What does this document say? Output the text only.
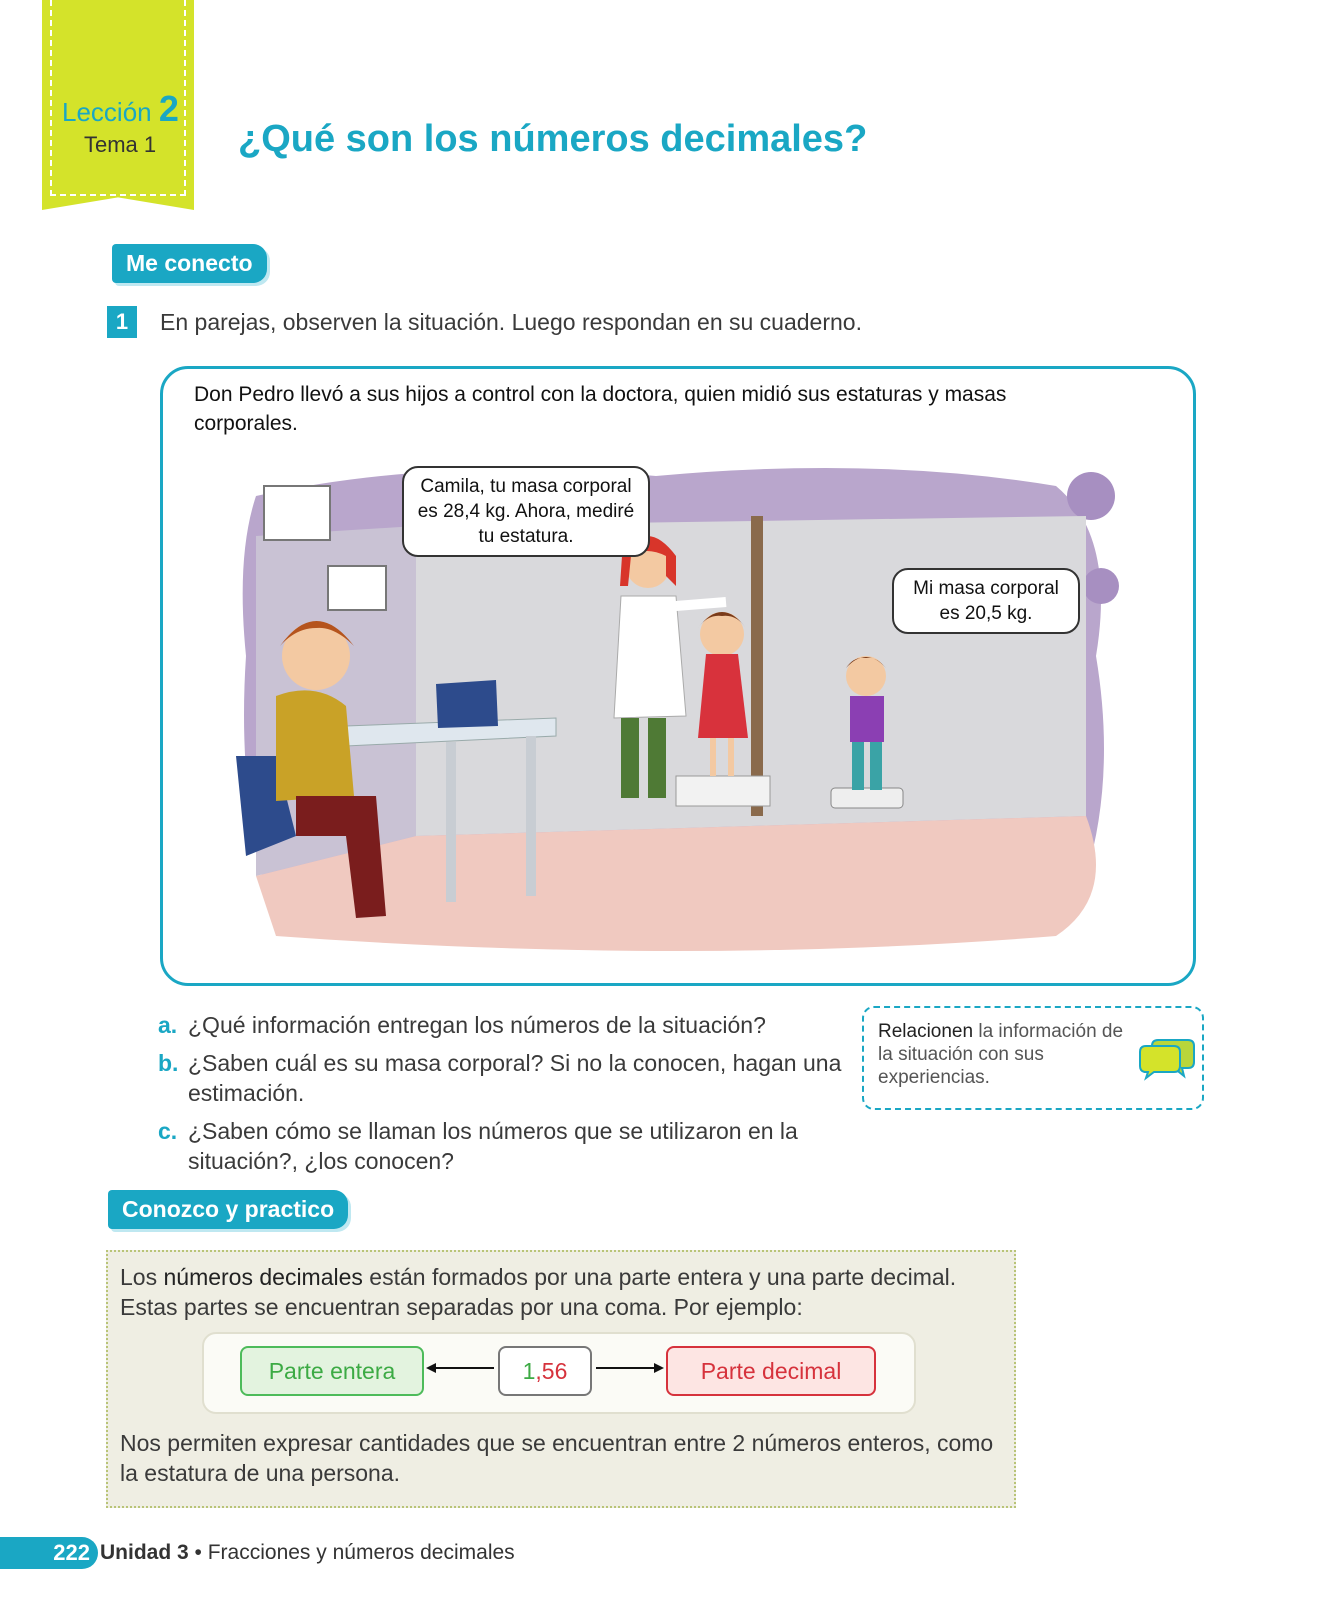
Lección 2
Tema 1 ¿Qué son los números decimales?
Me conecto
1	En parejas, observen la situación. Luego respondan en su cuaderno.
Don Pedro llevó a sus hijos a control con la doctora, quien midió sus estaturas y masas corporales.
Camila, tu masa corporal es 28,4 kg. Ahora, mediré tu estatura.
Mi masa corporal es 20,5 kg.
a. ¿Qué información entregan los números de la situación?
b. ¿Saben cuál es su masa corporal? Si no la conocen, hagan una estimación.
c. ¿Saben cómo se llaman los números que se utilizaron en la situación?, ¿los conocen?
Relacionen la información de la situación con sus experiencias.
Conozco y practico
Los números decimales están formados por una parte entera y una parte decimal. Estas partes se encuentran separadas por una coma. Por ejemplo:
Parte entera	1,56	Parte decimal
Nos permiten expresar cantidades que se encuentran entre 2 números enteros, como la estatura de una persona.
222 Unidad 3 • Fracciones y números decimales
